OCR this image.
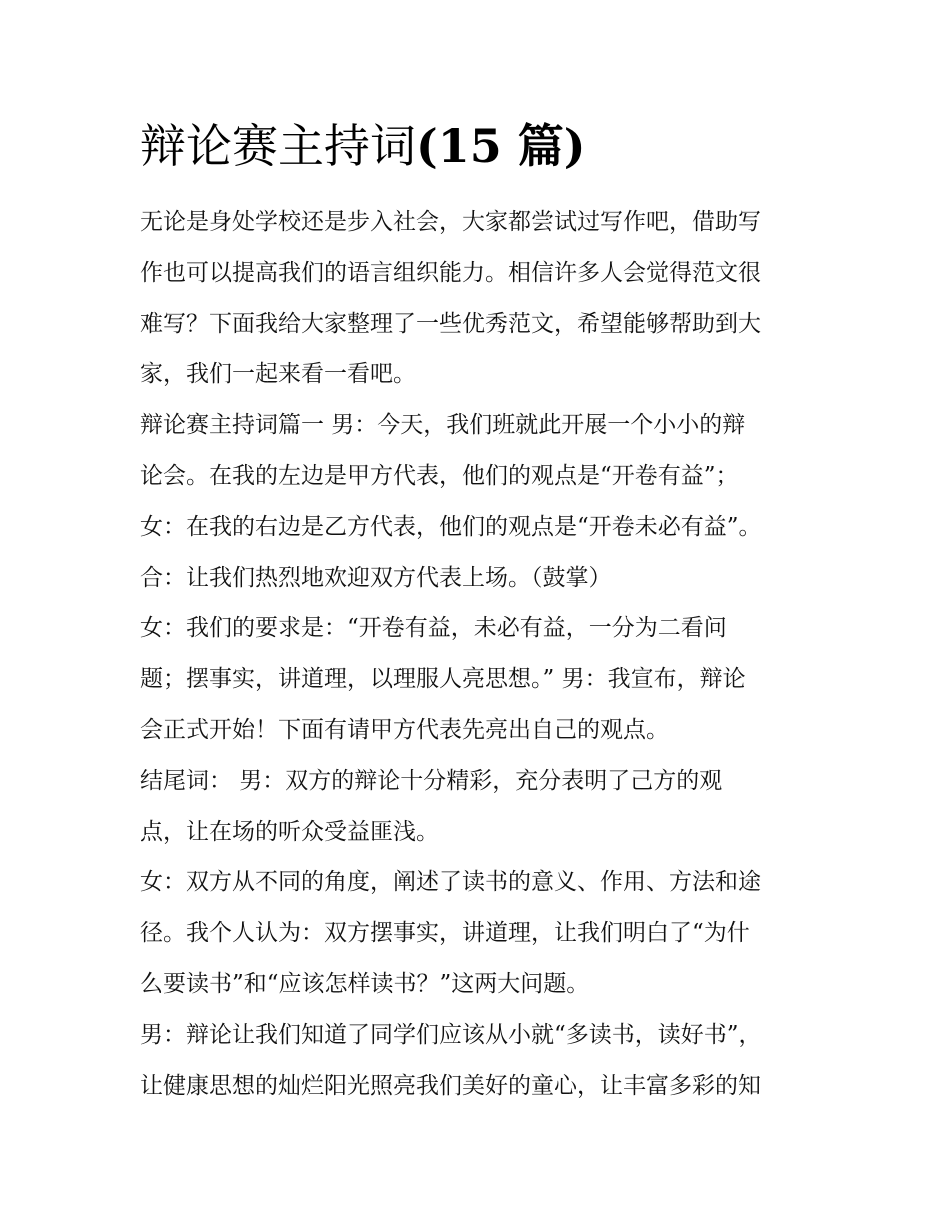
辩论赛主持词(15 篇)
无论是身处学校还是步入社会，大家都尝试过写作吧，借助写
作也可以提高我们的语言组织能力。相信许多人会觉得范文很
难写？下面我给大家整理了一些优秀范文，希望能够帮助到大
家，我们一起来看一看吧。
辩论赛主持词篇一 男：今天，我们班就此开展一个小小的辩
论会。在我的左边是甲方代表，他们的观点是“开卷有益”；
女：在我的右边是乙方代表，他们的观点是“开卷未必有益”。
合：让我们热烈地欢迎双方代表上场。（鼓掌）
女：我们的要求是：“开卷有益，未必有益，一分为二看问
题；摆事实，讲道理，以理服人亮思想。” 男：我宣布，辩论
会正式开始！下面有请甲方代表先亮出自己的观点。
结尾词： 男：双方的辩论十分精彩，充分表明了己方的观
点，让在场的听众受益匪浅。
女：双方从不同的角度，阐述了读书的意义、作用、方法和途
径。我个人认为：双方摆事实，讲道理，让我们明白了“为什
么要读书”和“应该怎样读书？”这两大问题。
男：辩论让我们知道了同学们应该从小就“多读书，读好书”，
让健康思想的灿烂阳光照亮我们美好的童心，让丰富多彩的知
